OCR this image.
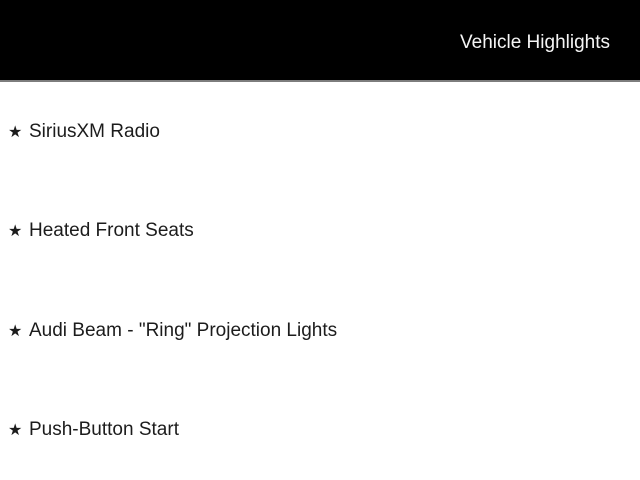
Vehicle Highlights
★ SiriusXM Radio
★ Heated Front Seats
★ Audi Beam - "Ring" Projection Lights
★ Push-Button Start
